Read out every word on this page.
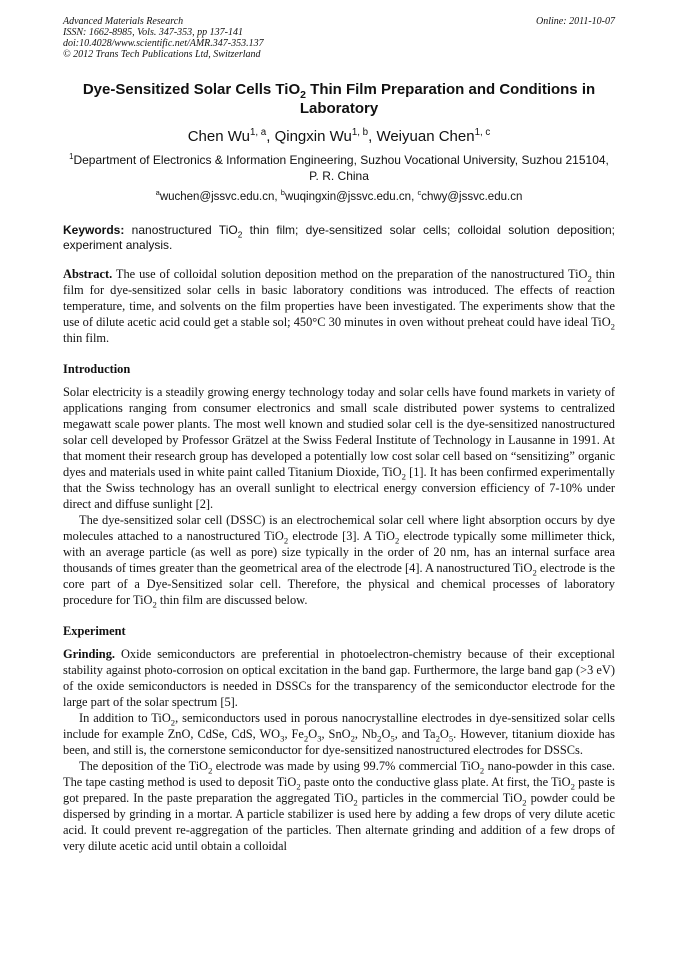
Advanced Materials Research
ISSN: 1662-8985, Vols. 347-353, pp 137-141
doi:10.4028/www.scientific.net/AMR.347-353.137
© 2012 Trans Tech Publications Ltd, Switzerland
Online: 2011-10-07
Dye-Sensitized Solar Cells TiO$_2$ Thin Film Preparation and Conditions in Laboratory
Chen Wu$^{1, a}$, Qingxin Wu$^{1, b}$, Weiyuan Chen$^{1, c}$
$^1$Department of Electronics & Information Engineering, Suzhou Vocational University, Suzhou 215104, P. R. China
$^a$wuchen@jssvc.edu.cn, $^b$wuqingxin@jssvc.edu.cn, $^c$chwy@jssvc.edu.cn
Keywords: nanostructured TiO$_2$ thin film; dye-sensitized solar cells; colloidal solution deposition; experiment analysis.

Abstract. The use of colloidal solution deposition method on the preparation of the nanostructured TiO$_2$ thin film for dye-sensitized solar cells in basic laboratory conditions was introduced. The effects of reaction temperature, time, and solvents on the film properties have been investigated. The experiments show that the use of dilute acetic acid could get a stable sol; 450°C 30 minutes in oven without preheat could have ideal TiO$_2$ thin film.

Introduction

Solar electricity is a steadily growing energy technology today and solar cells have found markets in variety of applications ranging from consumer electronics and small scale distributed power systems to centralized megawatt scale power plants. The most well known and studied solar cell is the dye-sensitized nanostructured solar cell developed by Professor Grätzel at the Swiss Federal Institute of Technology in Lausanne in 1991. At that moment their research group has developed a potentially low cost solar cell based on “sensitizing” organic dyes and materials used in white paint called Titanium Dioxide, TiO$_2$ [1]. It has been confirmed experimentally that the Swiss technology has an overall sunlight to electrical energy conversion efficiency of 7-10% under direct and diffuse sunlight [2].

The dye-sensitized solar cell (DSSC) is an electrochemical solar cell where light absorption occurs by dye molecules attached to a nanostructured TiO$_2$ electrode [3]. A TiO$_2$ electrode typically some millimeter thick, with an average particle (as well as pore) size typically in the order of 20 nm, has an internal surface area thousands of times greater than the geometrical area of the electrode [4]. A nanostructured TiO$_2$ electrode is the core part of a Dye-Sensitized solar cell. Therefore, the physical and chemical processes of laboratory procedure for TiO$_2$ thin film are discussed below.

Experiment

Grinding. Oxide semiconductors are preferential in photoelectron-chemistry because of their exceptional stability against photo-corrosion on optical excitation in the band gap. Furthermore, the large band gap (>3 eV) of the oxide semiconductors is needed in DSSCs for the transparency of the semiconductor electrode for the large part of the solar spectrum [5].

In addition to TiO$_2$, semiconductors used in porous nanocrystalline electrodes in dye-sensitized solar cells include for example ZnO, CdSe, CdS, $WO_3$, $Fe_2O_3$, SnO$_2$, $Nb_2O_5$, and $Ta_2O_5$. However, titanium dioxide has been, and still is, the cornerstone semiconductor for dye-sensitized nanostructured electrodes for DSSCs.

The deposition of the TiO$_2$ electrode was made by using 99.7% commercial TiO$_2$ nano-powder in this case. The tape casting method is used to deposit TiO$_2$ paste onto the conductive glass plate. At first, the TiO$_2$ paste is got prepared. In the paste preparation the aggregated TiO$_2$ particles in the commercial TiO$_2$ powder could be dispersed by grinding in a mortar. A particle stabilizer is used here by adding a few drops of very dilute acetic acid. It could prevent re-aggregation of the particles. Then alternate grinding and addition of a few drops of very dilute acetic acid until obtain a colloidal
